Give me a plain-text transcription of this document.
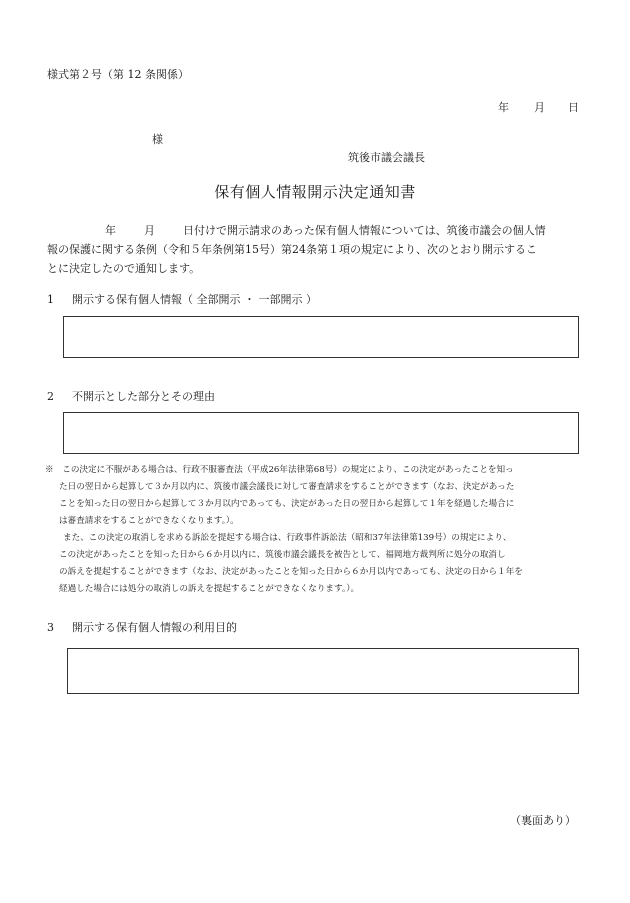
様式第２号（第 12 条関係）
年 月 日
様
筑後市議会議長
保有個人情報開示決定通知書
年	月	日付けで開示請求のあった保有個人情報については、筑後市議会の個人情
報の保護に関する条例（令和５年条例第15号）第24条第１項の規定により、次のとおり開示するこ
とに決定したので通知します。
1 開示する保有個人情報（ 全部開示 ・ 一部開示 ）
2 不開示とした部分とその理由
※　 この決定に不服がある場合は、行政不服審査法（平成26年法律第68号）の規定により、この決定があったことを知っ
た日の翌日から起算して３か月以内に、筑後市議会議長に対して審査請求をすることができます（なお、決定があった
ことを知った日の翌日から起算して３か月以内であっても、決定があった日の翌日から起算して１年を経過した場合に
は審査請求をすることができなくなります。）。
また、この決定の取消しを求める訴訟を提起する場合は、行政事件訴訟法（昭和37年法律第139号）の規定により、
この決定があったことを知った日から６か月以内に、筑後市議会議長を被告として、福岡地方裁判所に処分の取消し
の訴えを提起することができます（なお、決定があったことを知った日から６か月以内であっても、決定の日から１年を
経過した場合には処分の取消しの訴えを提起することができなくなります。）。
3 開示する保有個人情報の利用目的
（裏面あり）
